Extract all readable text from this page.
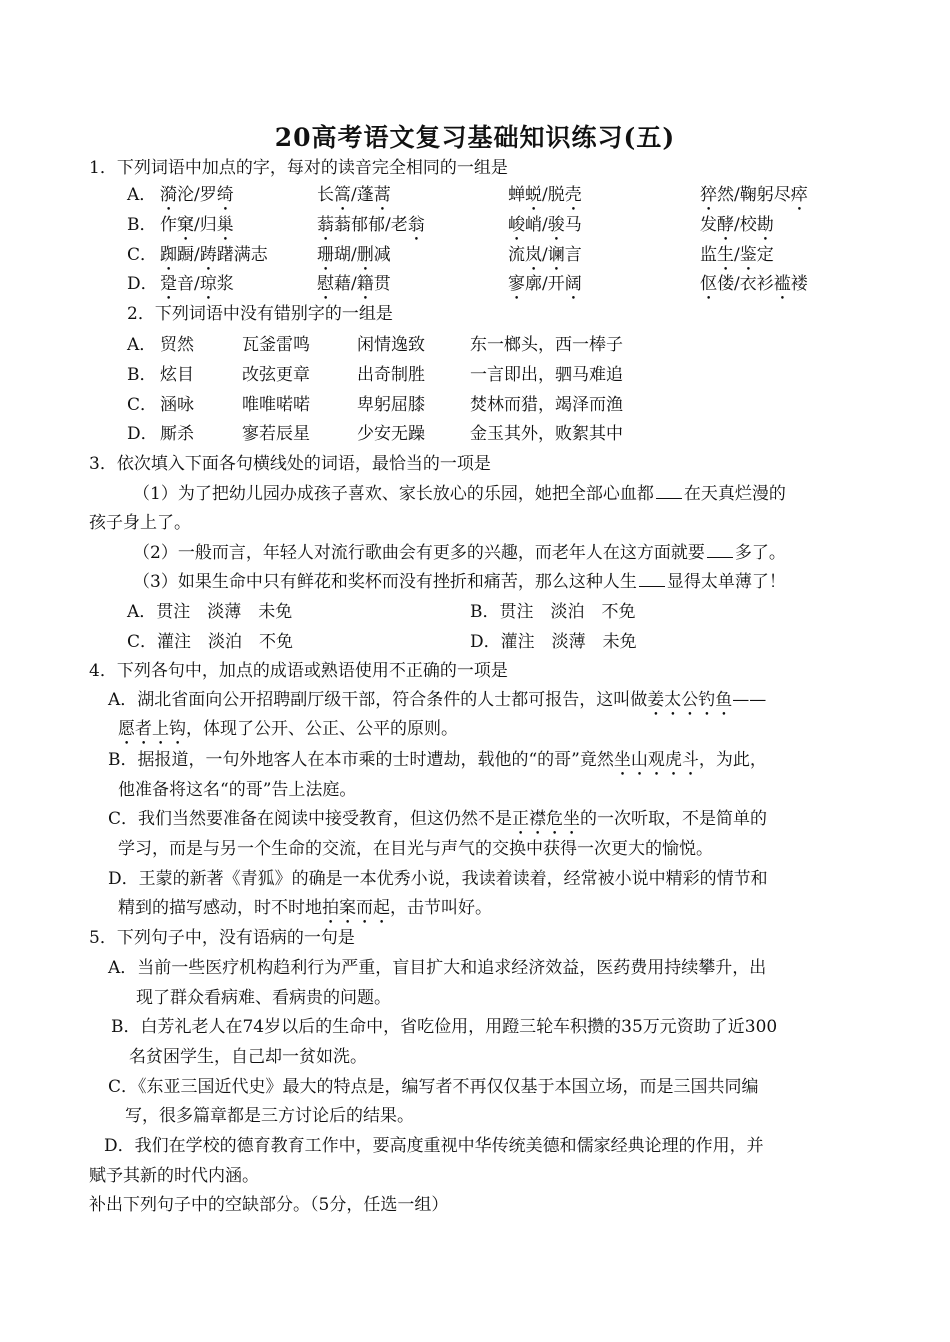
20高考语文复习基础知识练习(五)
1．下列词语中加点的字，每对的读音完全相同的一组是
A． 漪沦/罗绮	长篙/蓬蒿	蝉蜕/脱壳	猝然/鞠躬尽瘁
B． 作窠/归巢	蓊蓊郁郁/老翁	峻峭/骏马	发酵/校勘
C． 踟蹰/踌躇满志	珊瑚/删减	流岚/谰言	监生/鉴定
D． 跫音/琼浆	慰藉/籍贯	寥廓/开阔	伛偻/衣衫褴褛
2．下列词语中没有错别字的一组是
A． 贸然	瓦釜雷鸣	闲情逸致	东一榔头，西一棒子
B． 炫目	改弦更章	出奇制胜	一言即出，驷马难追
C． 涵咏	唯唯喏喏	卑躬屈膝	焚林而猎，竭泽而渔
D． 厮杀	寥若辰星	少安无躁	金玉其外，败絮其中
3．依次填入下面各句横线处的词语，最恰当的一项是
（1）为了把幼儿园办成孩子喜欢、家长放心的乐园，她把全部心血都 在天真烂漫的
孩子身上了。
（2）一般而言，年轻人对流行歌曲会有更多的兴趣，而老年人在这方面就要 多了。
（3）如果生命中只有鲜花和奖杯而没有挫折和痛苦，那么这种人生 显得太单薄了！
A．贯注　淡薄　未免	B．贯注　淡泊　不免
C．灌注　淡泊　不免	D．灌注　淡薄　未免
4．下列各句中，加点的成语或熟语使用不正确的一项是
A．湖北省面向公开招聘副厅级干部，符合条件的人士都可报告，这叫做姜太公钓鱼——
愿者上钩，体现了公开、公正、公平的原则。
B．据报道，一句外地客人在本市乘的士时遭劫，载他的“的哥”竟然坐山观虎斗，为此，
他准备将这名“的哥”告上法庭。
C．我们当然要准备在阅读中接受教育，但这仍然不是正襟危坐的一次听取，不是简单的
学习，而是与另一个生命的交流，在目光与声气的交换中获得一次更大的愉悦。
D．王蒙的新著《青狐》的确是一本优秀小说，我读着读着，经常被小说中精彩的情节和
精到的描写感动，时不时地拍案而起，击节叫好。
5．下列句子中，没有语病的一句是
A．当前一些医疗机构趋利行为严重，盲目扩大和追求经济效益，医药费用持续攀升，出
现了群众看病难、看病贵的问题。
B．白芳礼老人在74岁以后的生命中，省吃俭用，用蹬三轮车积攒的35万元资助了近300
名贫困学生，自己却一贫如洗。
C．《东亚三国近代史》最大的特点是，编写者不再仅仅基于本国立场，而是三国共同编
写，很多篇章都是三方讨论后的结果。
D．我们在学校的德育教育工作中，要高度重视中华传统美德和儒家经典论理的作用，并
赋予其新的时代内涵。
补出下列句子中的空缺部分。（5分，任选一组）
